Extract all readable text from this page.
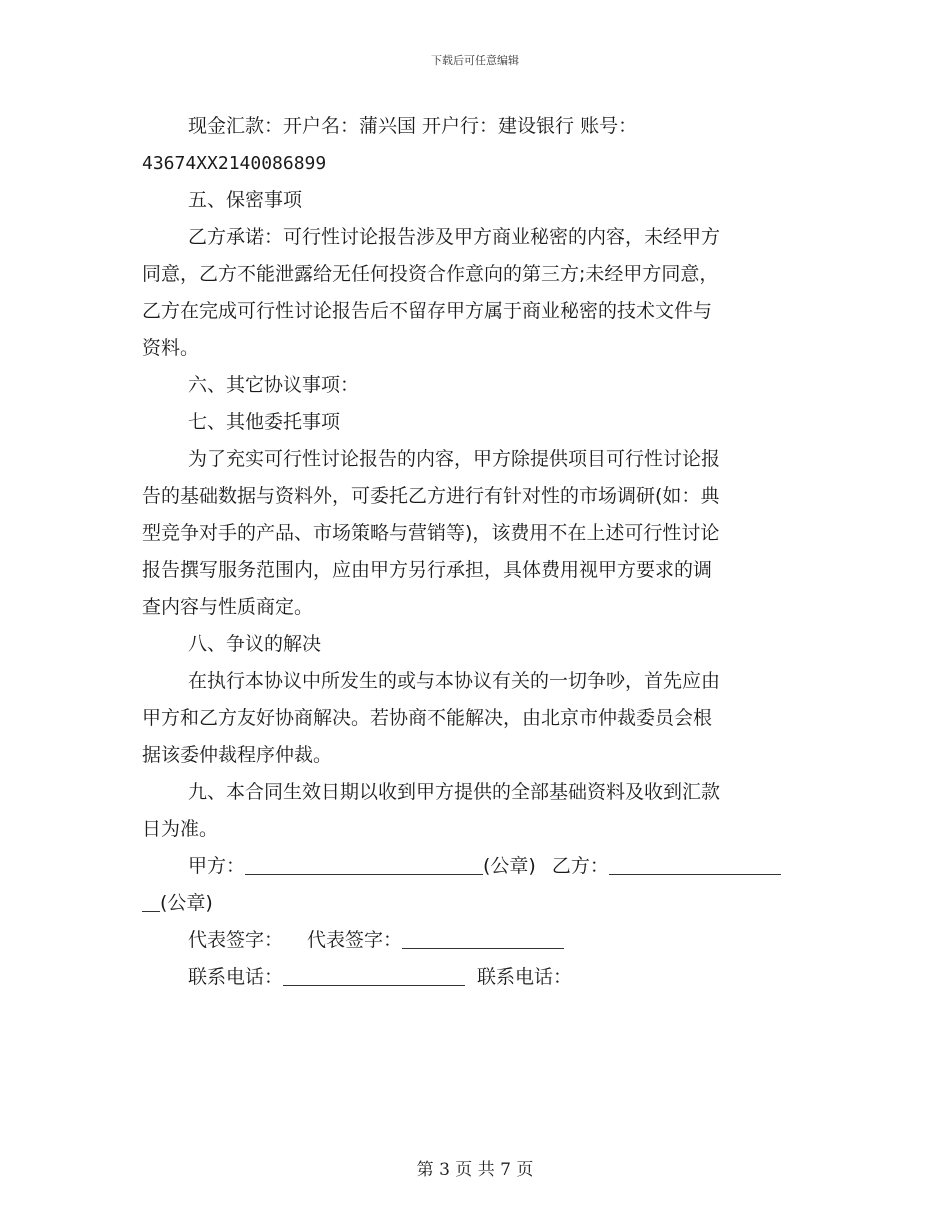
下载后可任意编辑
现金汇款：开户名：蒲兴国 开户行：建设银行 账号：
43674XX2140086899
五、保密事项
乙方承诺：可行性讨论报告涉及甲方商业秘密的内容，未经甲方
同意，乙方不能泄露给无任何投资合作意向的第三方;未经甲方同意，
乙方在完成可行性讨论报告后不留存甲方属于商业秘密的技术文件与
资料。
六、其它协议事项：
七、其他委托事项
为了充实可行性讨论报告的内容，甲方除提供项目可行性讨论报
告的基础数据与资料外，可委托乙方进行有针对性的市场调研(如：典
型竞争对手的产品、市场策略与营销等)，该费用不在上述可行性讨论
报告撰写服务范围内，应由甲方另行承担，具体费用视甲方要求的调
查内容与性质商定。
八、争议的解决
在执行本协议中所发生的或与本协议有关的一切争吵，首先应由
甲方和乙方友好协商解决。若协商不能解决，由北京市仲裁委员会根
据该委仲裁程序仲裁。
九、本合同生效日期以收到甲方提供的全部基础资料及收到汇款
日为准。
甲方：	(公章) 乙方：
(公章)
代表签字： 代表签字：
联系电话：	联系电话：
第 3 页 共 7 页
